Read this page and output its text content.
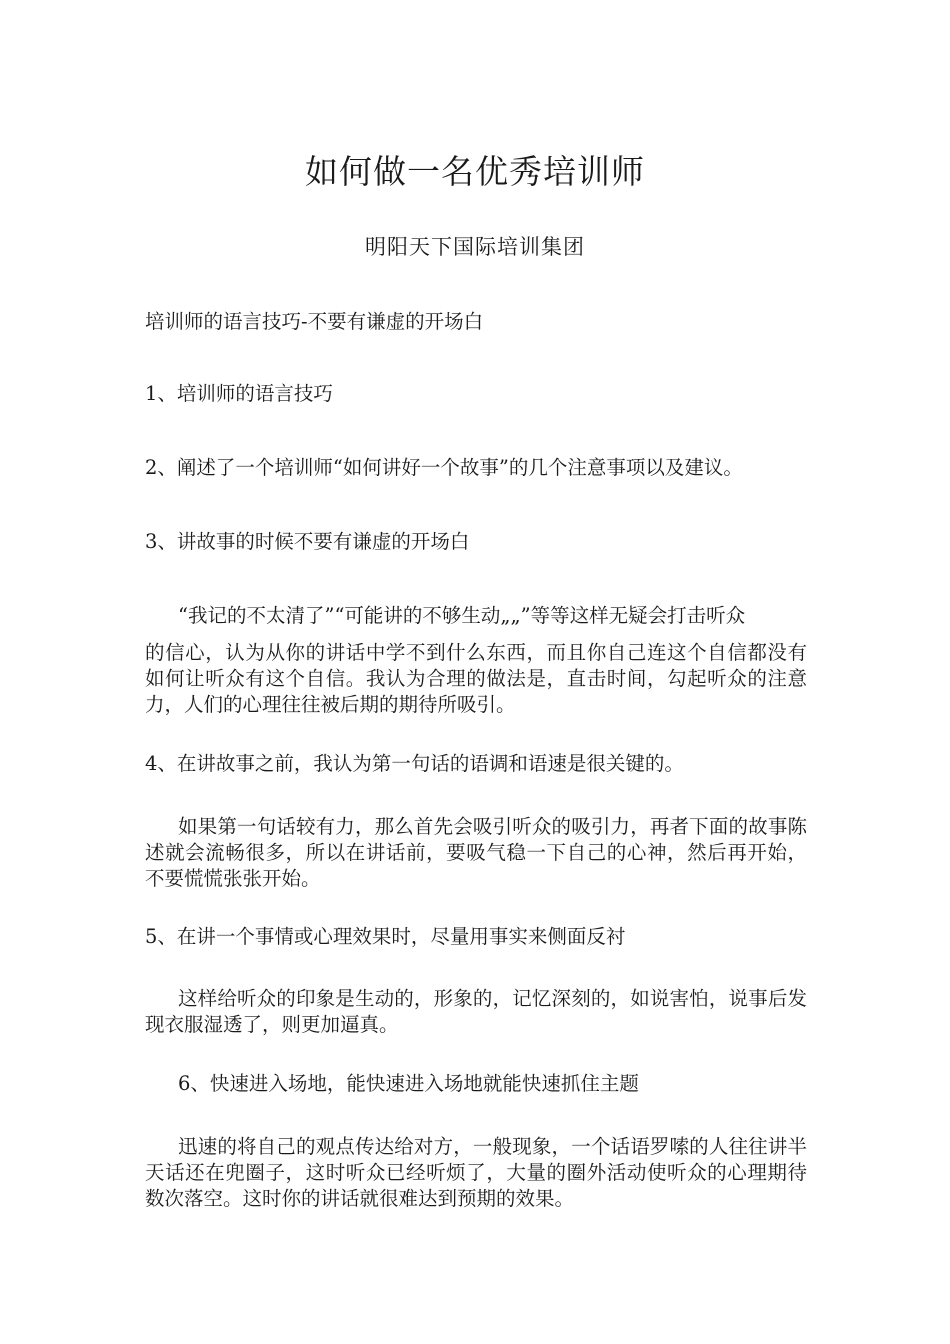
如何做一名优秀培训师
明阳天下国际培训集团
培训师的语言技巧-不要有谦虚的开场白
1、培训师的语言技巧
2、阐述了一个培训师“如何讲好一个故事”的几个注意事项以及建议。
3、讲故事的时候不要有谦虚的开场白
“我记的不太清了”“可能讲的不够生动„„”等等这样无疑会打击听众
的信心，认为从你的讲话中学不到什么东西，而且你自己连这个自信都没有如何让听众有这个自信。我认为合理的做法是，直击时间，勾起听众的注意力，人们的心理往往被后期的期待所吸引。
4、在讲故事之前，我认为第一句话的语调和语速是很关键的。
如果第一句话较有力，那么首先会吸引听众的吸引力，再者下面的故事陈述就会流畅很多，所以在讲话前，要吸气稳一下自己的心神，然后再开始，不要慌慌张张开始。
5、在讲一个事情或心理效果时，尽量用事实来侧面反衬
这样给听众的印象是生动的，形象的，记忆深刻的，如说害怕，说事后发现衣服湿透了，则更加逼真。
6、快速进入场地，能快速进入场地就能快速抓住主题
迅速的将自己的观点传达给对方，一般现象，一个话语罗嗦的人往往讲半天话还在兜圈子，这时听众已经听烦了，大量的圈外活动使听众的心理期待数次落空。这时你的讲话就很难达到预期的效果。
